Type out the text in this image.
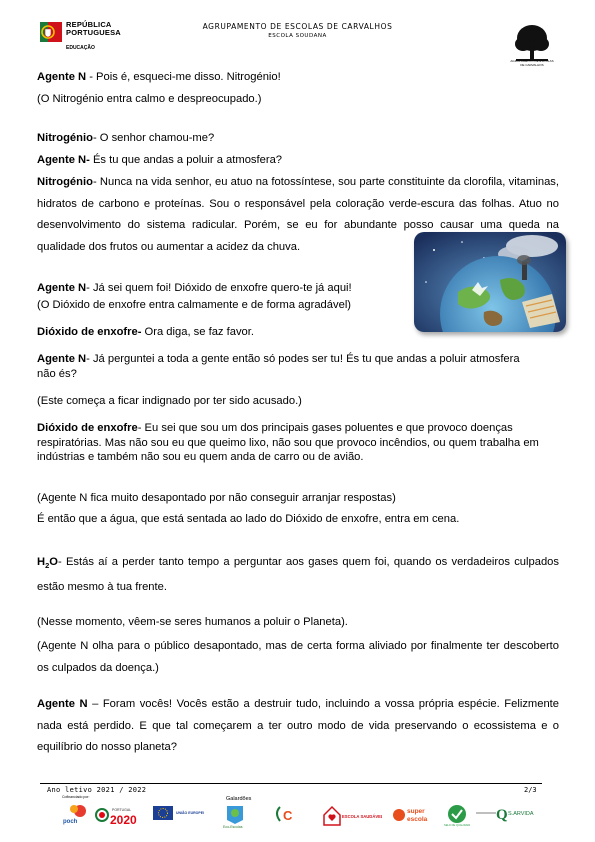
REPÚBLICA
PORTUGUESA
EDUCAÇÃO
AGRUPAMENTO DE ESCOLAS DE CARVALHOS
ESCOLA SOUDANA
AGRUPAMENTO DE ESCOLAS DE CARVALHOS
Agente N - Pois é, esqueci-me disso. Nitrogénio!
(O Nitrogénio entra calmo e despreocupado.)
Nitrogénio- O senhor chamou-me?
Agente N- És tu que andas a poluir a atmosfera?
Nitrogénio- Nunca na vida senhor, eu atuo na fotossíntese, sou parte constituinte da clorofila, vitaminas, hidratos de carbono e proteínas. Sou o responsável pela coloração verde-escura das folhas. Atuo no desenvolvimento do sistema radicular. Porém, se eu for abundante posso causar uma queda na qualidade dos frutos ou aumentar a acidez da chuva.
Agente N- Já sei quem foi! Dióxido de enxofre quero-te já aqui!
(O Dióxido de enxofre entra calmamente e de forma agradável)
Dióxido de enxofre- Ora diga, se faz favor.
Agente N- Já perguntei a toda a gente então só podes ser tu! És tu que andas a poluir atmosfera não és?
(Este começa a ficar indignado por ter sido acusado.)
Dióxido de enxofre- Eu sei que sou um dos principais gases poluentes e que provoco doenças respiratórias. Mas não sou eu que queimo lixo, não sou que provoco incêndios, ou quem trabalha em indústrias e também não sou eu quem anda de carro ou de avião.
(Agente N fica muito desapontado por não conseguir arranjar respostas)
É então que a água, que está sentada ao lado do Dióxido de enxofre, entra em cena.
$H_2O-$ Estás aí a perder tanto tempo a perguntar aos gases quem foi, quando os verdadeiros culpados estão mesmo à tua frente.
(Nesse momento, vêem-se seres humanos a poluir o Planeta).
(Agente N olha para o público desapontado, mas de certa forma aliviado por finalmente ter descoberto os culpados da doença.)
Agente N – Foram vocês! Vocês estão a destruir tudo, incluindo a vossa própria espécie. Felizmente nada está perdido. E que tal começarem a ter outro modo de vida preservando o ecossistema e o equilíbrio do nosso planeta?
Ano letivo 2021 / 2022	2/3
Cofinanciado por:	Galardões
poch
PORTUGAL
2020	UNIÃO EUROPEIA
Eco-Escolas
C	ESCOLA SAUDÁVEL
super
escola
SELO DE QUALIDADE
Q S.ARVIDA
